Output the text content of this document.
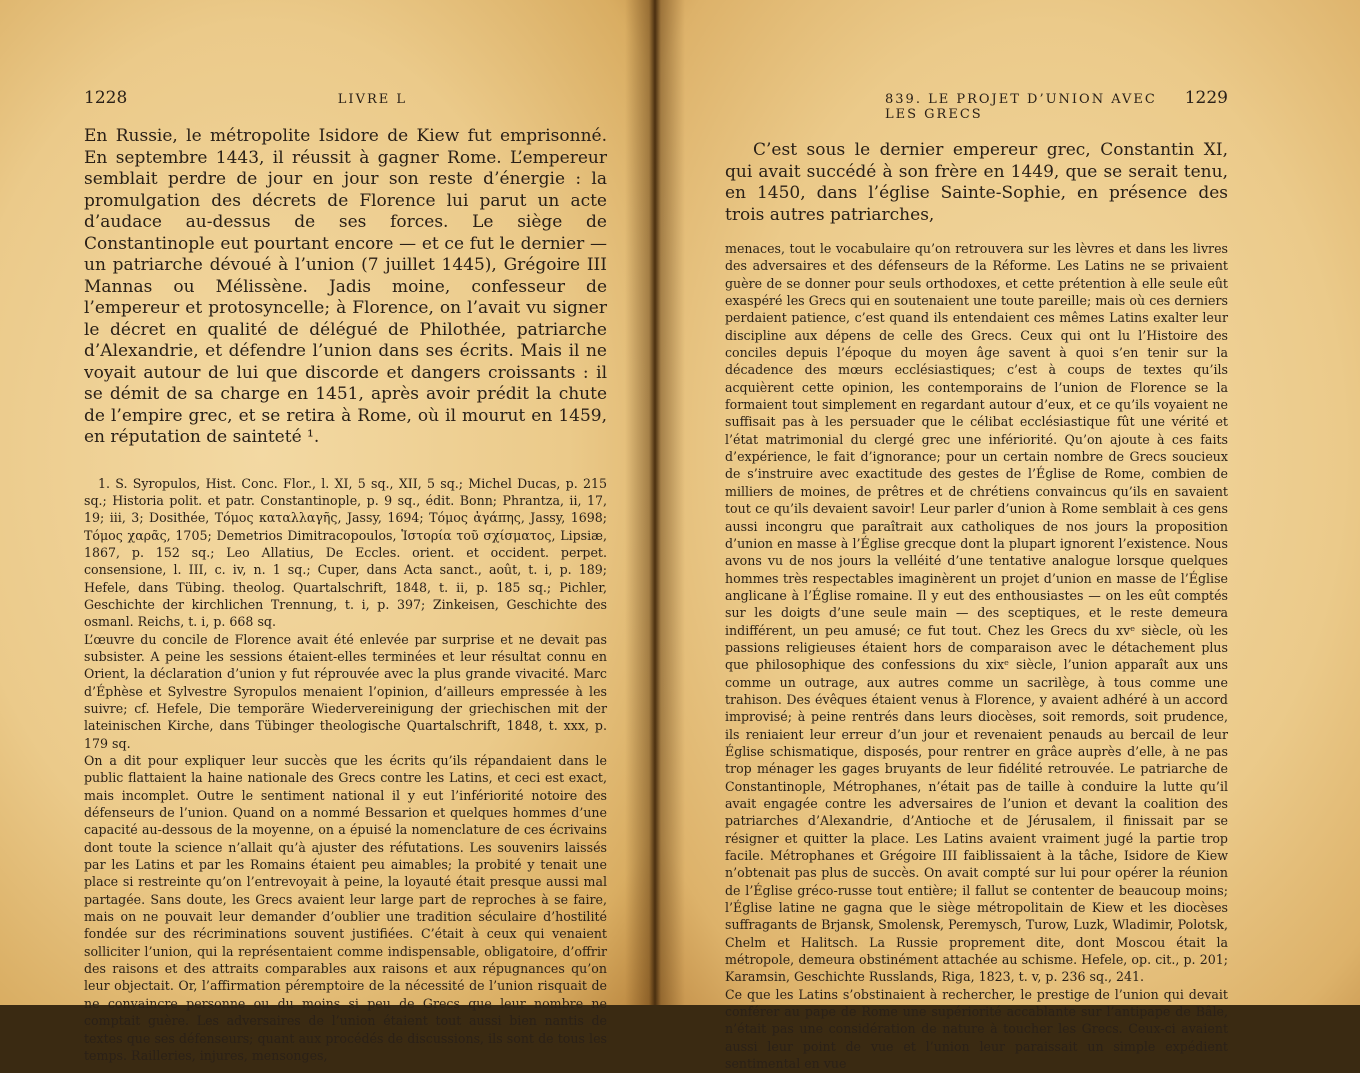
1228	LIVRE L

En Russie, le métropolite Isidore de Kiew fut emprisonné. En septembre 1443, il réussit à gagner Rome. L’empereur semblait perdre de jour en jour son reste d’énergie : la promulgation des décrets de Florence lui parut un acte d’audace au-dessus de ses forces. Le siège de Constantinople eut pourtant encore — et ce fut le dernier — un patriarche dévoué à l’union (7 juillet 1445), Grégoire III Mannas ou Mélissène. Jadis moine, confesseur de l’empereur et protosyncelle; à Florence, on l’avait vu signer le décret en qualité de délégué de Philothée, patriarche d’Alexandrie, et défendre l’union dans ses écrits. Mais il ne voyait autour de lui que discorde et dangers croissants : il se démit de sa charge en 1451, après avoir prédit la chute de l’empire grec, et se retira à Rome, où il mourut en 1459, en réputation de sainteté ¹.

1. S. Syropulos, Hist. Conc. Flor., l. XI, 5 sq., XII, 5 sq.; Michel Ducas, p. 215 sq.; Historia polit. et patr. Constantinople, p. 9 sq., édit. Bonn; Phrantza, ii, 17, 19; iii, 3; Dosithée, Τόμος καταλλαγῆς, Jassy, 1694; Τόμος ἀγάπης, Jassy, 1698; Τόμος χαρᾶς, 1705; Demetrios Dimitracopoulos, Ἱστορία τοῦ σχίσματος, Lipsiæ, 1867, p. 152 sq.; Leo Allatius, De Eccles. orient. et occident. perpet. consensione, l. III, c. iv, n. 1 sq.; Cuper, dans Acta sanct., août, t. i, p. 189; Hefele, dans Tübing. theolog. Quartalschrift, 1848, t. ii, p. 185 sq.; Pichler, Geschichte der kirchlichen Trennung, t. i, p. 397; Zinkeisen, Geschichte des osmanl. Reichs, t. i, p. 668 sq.

L’œuvre du concile de Florence avait été enlevée par surprise et ne devait pas subsister. A peine les sessions étaient-elles terminées et leur résultat connu en Orient, la déclaration d’union y fut réprouvée avec la plus grande vivacité. Marc d’Éphèse et Sylvestre Syropulos menaient l’opinion, d’ailleurs empressée à les suivre; cf. Hefele, Die temporäre Wiedervereinigung der griechischen mit der lateinischen Kirche, dans Tübinger theologische Quartalschrift, 1848, t. xxx, p. 179 sq.

On a dit pour expliquer leur succès que les écrits qu’ils répandaient dans le public flattaient la haine nationale des Grecs contre les Latins, et ceci est exact, mais incomplet. Outre le sentiment national il y eut l’infériorité notoire des défenseurs de l’union. Quand on a nommé Bessarion et quelques hommes d’une capacité au-dessous de la moyenne, on a épuisé la nomenclature de ces écrivains dont toute la science n’allait qu’à ajuster des réfutations. Les souvenirs laissés par les Latins et par les Romains étaient peu aimables; la probité y tenait une place si restreinte qu’on l’entrevoyait à peine, la loyauté était presque aussi mal partagée. Sans doute, les Grecs avaient leur large part de reproches à se faire, mais on ne pouvait leur demander d’oublier une tradition séculaire d’hostilité fondée sur des récriminations souvent justifiées. C’était à ceux qui venaient solliciter l’union, qui la représentaient comme indispensable, obligatoire, d’offrir des raisons et des attraits comparables aux raisons et aux répugnances qu’on leur objectait. Or, l’affirmation péremptoire de la nécessité de l’union risquait de ne convaincre personne ou du moins si peu de Grecs que leur nombre ne comptait guère. Les adversaires de l’union étaient tout aussi bien nantis de textes que ses défenseurs; quant aux procédés de discussions, ils sont de tous les temps. Railleries, injures, mensonges,

839. LE PROJET D’UNION AVEC LES GRECS
1229

C’est sous le dernier empereur grec, Constantin XI, qui avait succédé à son frère en 1449, que se serait tenu, en 1450, dans l’église Sainte-Sophie, en présence des trois autres patriarches,

menaces, tout le vocabulaire qu’on retrouvera sur les lèvres et dans les livres des adversaires et des défenseurs de la Réforme. Les Latins ne se privaient guère de se donner pour seuls orthodoxes, et cette prétention à elle seule eût exaspéré les Grecs qui en soutenaient une toute pareille; mais où ces derniers perdaient patience, c’est quand ils entendaient ces mêmes Latins exalter leur discipline aux dépens de celle des Grecs. Ceux qui ont lu l’Histoire des conciles depuis l’époque du moyen âge savent à quoi s’en tenir sur la décadence des mœurs ecclésiastiques; c’est à coups de textes qu’ils acquièrent cette opinion, les contemporains de l’union de Florence se la formaient tout simplement en regardant autour d’eux, et ce qu’ils voyaient ne suffisait pas à les persuader que le célibat ecclésiastique fût une vérité et l’état matrimonial du clergé grec une infériorité. Qu’on ajoute à ces faits d’expérience, le fait d’ignorance; pour un certain nombre de Grecs soucieux de s’instruire avec exactitude des gestes de l’Église de Rome, combien de milliers de moines, de prêtres et de chrétiens convaincus qu’ils en savaient tout ce qu’ils devaient savoir! Leur parler d’union à Rome semblait à ces gens aussi incongru que paraîtrait aux catholiques de nos jours la proposition d’union en masse à l’Église grecque dont la plupart ignorent l’existence. Nous avons vu de nos jours la velléité d’une tentative analogue lorsque quelques hommes très respectables imaginèrent un projet d’union en masse de l’Église anglicane à l’Église romaine. Il y eut des enthousiastes — on les eût comptés sur les doigts d’une seule main — des sceptiques, et le reste demeura indifférent, un peu amusé; ce fut tout. Chez les Grecs du xvᵉ siècle, où les passions religieuses étaient hors de comparaison avec le détachement plus que philosophique des confessions du xixᵉ siècle, l’union apparaît aux uns comme un outrage, aux autres comme un sacrilège, à tous comme une trahison. Des évêques étaient venus à Florence, y avaient adhéré à un accord improvisé; à peine rentrés dans leurs diocèses, soit remords, soit prudence, ils reniaient leur erreur d’un jour et revenaient penauds au bercail de leur Église schismatique, disposés, pour rentrer en grâce auprès d’elle, à ne pas trop ménager les gages bruyants de leur fidélité retrouvée. Le patriarche de Constantinople, Métrophanes, n’était pas de taille à conduire la lutte qu’il avait engagée contre les adversaires de l’union et devant la coalition des patriarches d’Alexandrie, d’Antioche et de Jérusalem, il finissait par se résigner et quitter la place. Les Latins avaient vraiment jugé la partie trop facile. Métrophanes et Grégoire III faiblissaient à la tâche, Isidore de Kiew n’obtenait pas plus de succès. On avait compté sur lui pour opérer la réunion de l’Église gréco-russe tout entière; il fallut se contenter de beaucoup moins; l’Église latine ne gagna que le siège métropolitain de Kiew et les diocèses suffragants de Brjansk, Smolensk, Peremysch, Turow, Luzk, Wladimir, Polotsk, Chelm et Halitsch. La Russie proprement dite, dont Moscou était la métropole, demeura obstinément attachée au schisme. Hefele, op. cit., p. 201; Karamsin, Geschichte Russlands, Riga, 1823, t. v, p. 236 sq., 241.

Ce que les Latins s’obstinaient à rechercher, le prestige de l’union qui devait conférer au pape de Rome une supériorité accablante sur l’antipape de Bâle, n’était pas une considération de nature à toucher les Grecs. Ceux-ci avaient aussi leur point de vue et l’union leur paraissait un simple expédient sentimental en vue
